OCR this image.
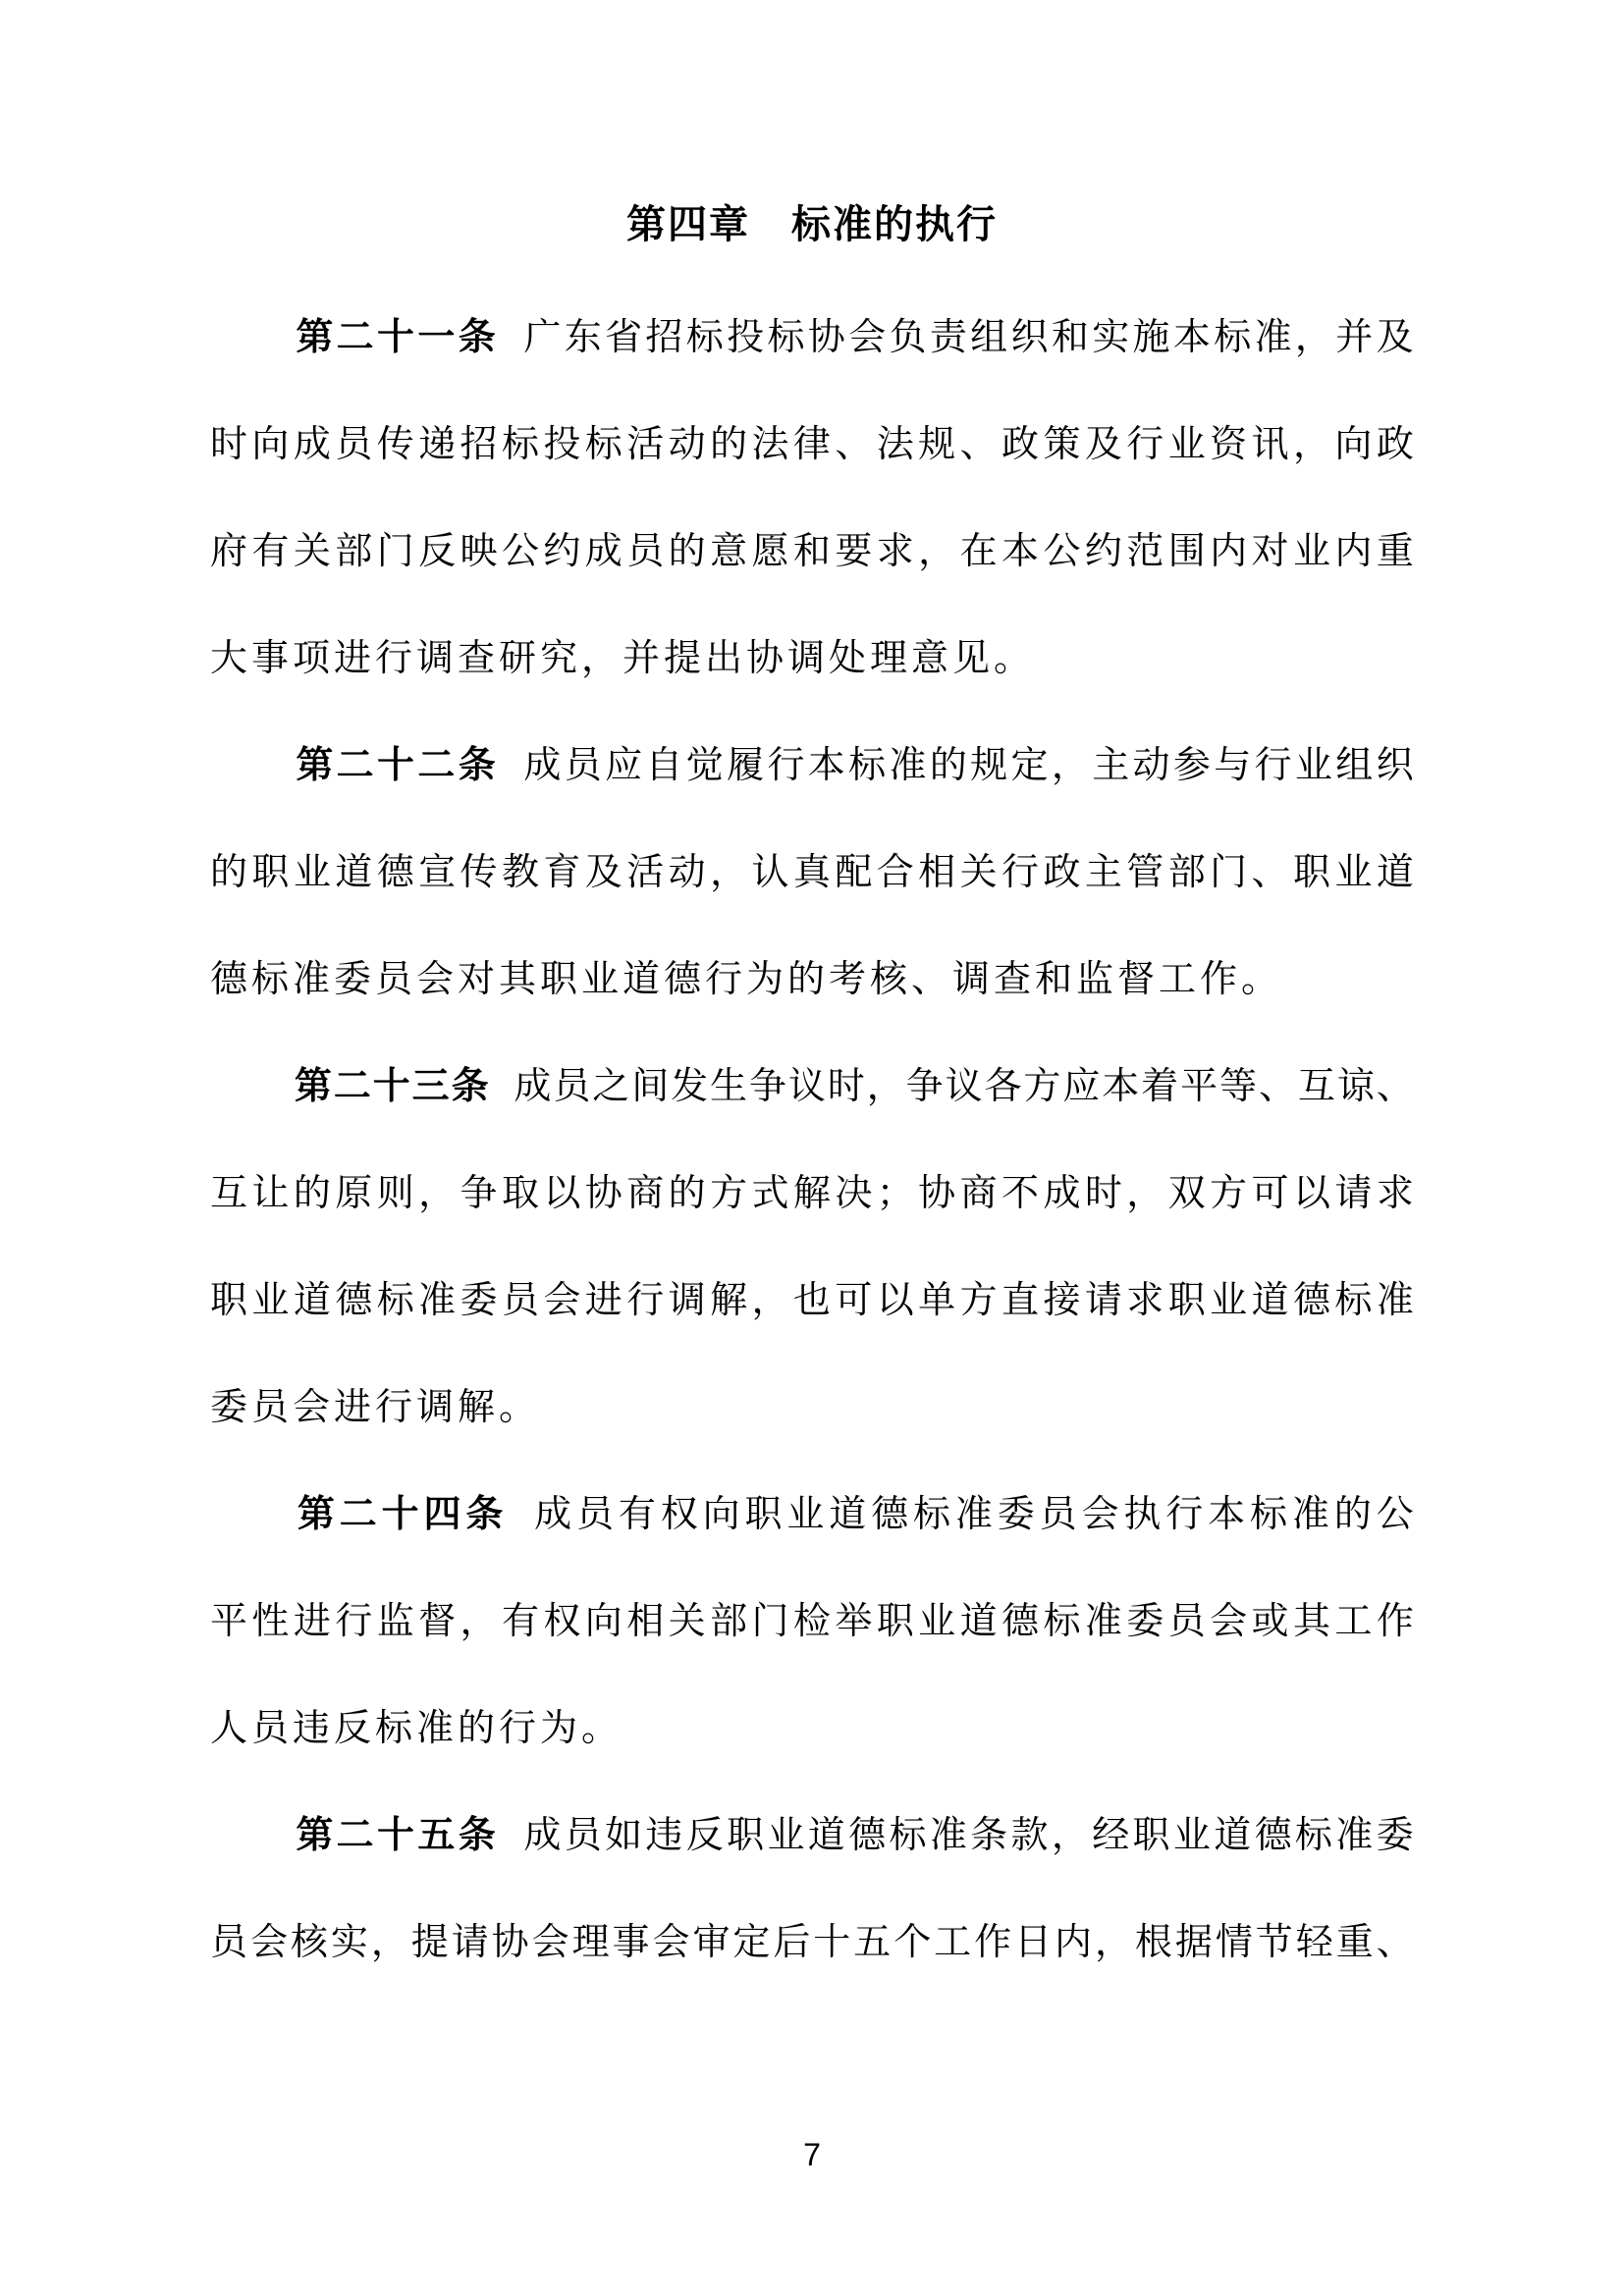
第四章　标准的执行
第 二 十 一 条 广 东 省 招 标 投 标 协 会 负 责 组 织 和 实 施 本 标 准 ， 并 及
时 向 成 员 传 递 招 标 投 标 活 动 的 法 律 、 法 规 、 政 策 及 行 业 资 讯 ， 向 政
府 有 关 部 门 反 映 公 约 成 员 的 意 愿 和 要 求 ， 在 本 公 约 范 围 内 对 业 内 重
大事项进行调查研究，并提出协调处理意见。
第 二 十 二 条 成 员 应 自 觉 履 行 本 标 准 的 规 定 ， 主 动 参 与 行 业 组 织
的 职 业 道 德 宣 传 教 育 及 活 动 ， 认 真 配 合 相 关 行 政 主 管 部 门 、 职 业 道
德标准委员会对其职业道德行为的考核、调查和监督工作。
第 二 十 三 条 成 员 之 间 发 生 争 议 时 ， 争 议 各 方 应 本 着 平 等 、 互 谅 、
互 让 的 原 则 ， 争 取 以 协 商 的 方 式 解 决 ； 协 商 不 成 时 ， 双 方 可 以 请 求
职 业 道 德 标 准 委 员 会 进 行 调 解 ， 也 可 以 单 方 直 接 请 求 职 业 道 德 标 准
委员会进行调解。
第 二 十 四 条 成 员 有 权 向 职 业 道 德 标 准 委 员 会 执 行 本 标 准 的 公
平 性 进 行 监 督 ， 有 权 向 相 关 部 门 检 举 职 业 道 德 标 准 委 员 会 或 其 工 作
人员违反标准的行为。
第 二 十 五 条 成 员 如 违 反 职 业 道 德 标 准 条 款 ， 经 职 业 道 德 标 准 委
员 会 核 实 ， 提 请 协 会 理 事 会 审 定 后 十 五 个 工 作 日 内 ， 根 据 情 节 轻 重 、
7
